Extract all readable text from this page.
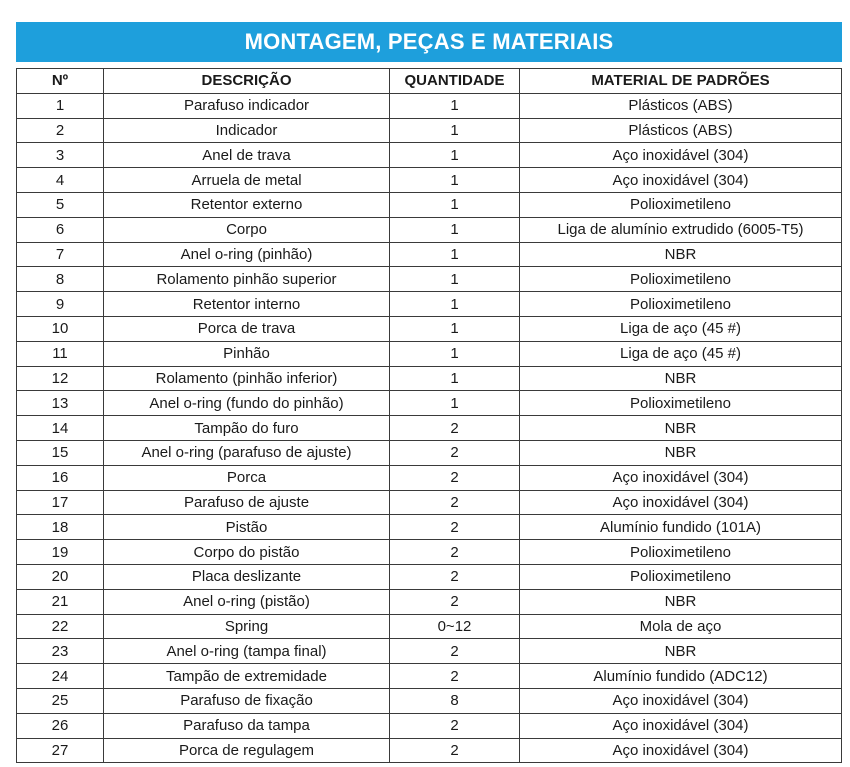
MONTAGEM, PEÇAS E MATERIAIS
Nº	DESCRIÇÃO	QUANTIDADE	MATERIAL DE PADRÕES
1	Parafuso indicador	1	Plásticos (ABS)
2	Indicador	1	Plásticos (ABS)
3	Anel de trava	1	Aço inoxidável (304)
4	Arruela de metal	1	Aço inoxidável (304)
5	Retentor externo	1	Polioximetileno
6	Corpo	1	Liga de alumínio extrudido (6005-T5)
7	Anel o-ring (pinhão)	1	NBR
8	Rolamento pinhão superior	1	Polioximetileno
9	Retentor interno	1	Polioximetileno
10	Porca de trava	1	Liga de aço (45 #)
11	Pinhão	1	Liga de aço (45 #)
12	Rolamento (pinhão inferior)	1	NBR
13	Anel o-ring (fundo do pinhão)	1	Polioximetileno
14	Tampão do furo	2	NBR
15	Anel o-ring (parafuso de ajuste)	2	NBR
16	Porca	2	Aço inoxidável (304)
17	Parafuso de ajuste	2	Aço inoxidável (304)
18	Pistão	2	Alumínio fundido (101A)
19	Corpo do pistão	2	Polioximetileno
20	Placa deslizante	2	Polioximetileno
21	Anel o-ring (pistão)	2	NBR
22	Spring	0~12	Mola de aço
23	Anel o-ring (tampa final)	2	NBR
24	Tampão de extremidade	2	Alumínio fundido (ADC12)
25	Parafuso de fixação	8	Aço inoxidável (304)
26	Parafuso da tampa	2	Aço inoxidável (304)
27	Porca de regulagem	2	Aço inoxidável (304)
